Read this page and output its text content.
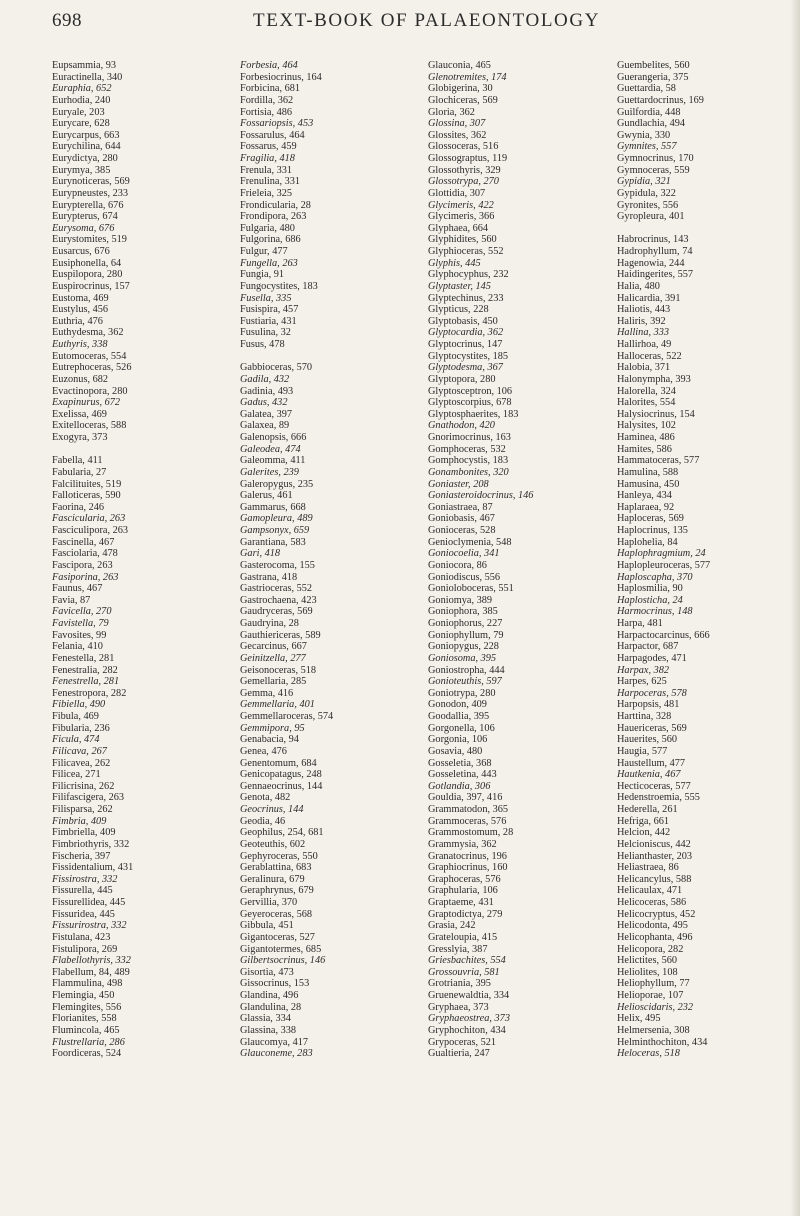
698	TEXT-BOOK OF PALAEONTOLOGY
Eupsammia, 93
Euractinella, 340
Euraphia, 652
Eurhodia, 240
Euryale, 203
Eurycare, 628
Eurycarpus, 663
Eurychilina, 644
Eurydictya, 280
Eurymya, 385
Eurynoticeras, 569
Eurypneustes, 233
Eurypterella, 676
Eurypterus, 674
Eurysoma, 676
Eurystomites, 519
Eusarcus, 676
Eusiphonella, 64
Euspilopora, 280
Euspirocrinus, 157
Eustoma, 469
Eustylus, 456
Euthria, 476
Euthydesma, 362
Euthyris, 338
Eutomoceras, 554
Eutrephoceras, 526
Euzonus, 682
Evactinopora, 280
Exapinurus, 672
Exelissa, 469
Exitelloceras, 588
Exogyra, 373
Fabella, 411
Fabularia, 27
Falcilituites, 519
Falloticeras, 590
Faorina, 246
Fascicularia, 263
Fasciculipora, 263
Fascinella, 467
Fasciolaria, 478
Fascipora, 263
Fasiporina, 263
Faunus, 467
Favia, 87
Favicella, 270
Favistella, 79
Favosites, 99
Felania, 410
Fenestella, 281
Fenestralia, 282
Fenestrella, 281
Fenestropora, 282
Fibiella, 490
Fibula, 469
Fibularia, 236
Ficula, 474
Filicava, 267
Filicavea, 262
Filicea, 271
Filicrisina, 262
Filifascigera, 263
Filisparsa, 262
Fimbria, 409
Fimbriella, 409
Fimbriothyris, 332
Fischeria, 397
Fissidentalium, 431
Fissirostra, 332
Fissurella, 445
Fissurellidea, 445
Fissuridea, 445
Fissurirostra, 332
Fistulana, 423
Fistulipora, 269
Flabellothyris, 332
Flabellum, 84, 489
Flammulina, 498
Flemingia, 450
Flemingites, 556
Florianites, 558
Flumincola, 465
Flustrellaria, 286
Foordiceras, 524
Forbesia, 464
Forbesiocrinus, 164
Forbicina, 681
Fordilla, 362
Fortisia, 486
Fossariopsis, 453
Fossarulus, 464
Fossarus, 459
Fragilia, 418
Frenula, 331
Frenulina, 331
Frieleia, 325
Frondicularia, 28
Frondipora, 263
Fulgaria, 480
Fulgorina, 686
Fulgur, 477
Fungella, 263
Fungia, 91
Fungocystites, 183
Fusella, 335
Fusispira, 457
Fustiaria, 431
Fusulina, 32
Fusus, 478
Gabbioceras, 570
Gadila, 432
Gadinia, 493
Gadus, 432
Galatea, 397
Galaxea, 89
Galenopsis, 666
Galeodea, 474
Galeomma, 411
Galerites, 239
Galeropygus, 235
Galerus, 461
Gammarus, 668
Gamopleura, 489
Gampsonyx, 659
Garantiana, 583
Gari, 418
Gasterocoma, 155
Gastrana, 418
Gastrioceras, 552
Gastrochaena, 423
Gaudryceras, 569
Gaudryina, 28
Gauthiericeras, 589
Gecarcinus, 667
Geinitzella, 277
Geisonoceras, 518
Gemellaria, 285
Gemma, 416
Gemmellaria, 401
Gemmellaroceras, 574
Gemmipora, 95
Genabacia, 94
Genea, 476
Genentomum, 684
Genicopatagus, 248
Gennaeocrinus, 144
Genota, 482
Geocrinus, 144
Geodia, 46
Geophilus, 254, 681
Geoteuthis, 602
Gephyroceras, 550
Gerablattina, 683
Geralinura, 679
Geraphrynus, 679
Gervillia, 370
Geyeroceras, 568
Gibbula, 451
Gigantoceras, 527
Gigantotermes, 685
Gilbertsocrinus, 146
Gisortia, 473
Gissocrinus, 153
Glandina, 496
Glandulina, 28
Glassia, 334
Glassina, 338
Glaucomya, 417
Glauconeme, 283
Glauconia, 465
Glenotremites, 174
Globigerina, 30
Glochiceras, 569
Gloria, 362
Glossina, 307
Glossites, 362
Glossoceras, 516
Glossograptus, 119
Glossothyris, 329
Glossotrypa, 270
Glottidia, 307
Glycimeris, 422
Glycimeris, 366
Glyphaea, 664
Glyphidites, 560
Glyphioceras, 552
Glyphis, 445
Glyphocyphus, 232
Glyptaster, 145
Glyptechinus, 233
Glypticus, 228
Glyptobasis, 450
Glyptocardia, 362
Glyptocrinus, 147
Glyptocystites, 185
Glyptodesma, 367
Glyptopora, 280
Glyptosceptron, 106
Glyptoscorpius, 678
Glyptosphaerites, 183
Gnathodon, 420
Gnorimocrinus, 163
Gomphoceras, 532
Gomphocystis, 183
Gonambonites, 320
Goniaster, 208
Goniasteroidocrinus, 146
Goniastraea, 87
Goniobasis, 467
Gonioceras, 528
Genioclymenia, 548
Goniocoelia, 341
Goniocora, 86
Goniodiscus, 556
Gonioloboceras, 551
Goniomya, 389
Goniophora, 385
Goniophorus, 227
Goniophyllum, 79
Goniopygus, 228
Goniosoma, 395
Goniostropha, 444
Gonioteuthis, 597
Goniotrypa, 280
Gonodon, 409
Goodallia, 395
Gorgonella, 106
Gorgonia, 106
Gosavia, 480
Gosseletia, 368
Gosseletina, 443
Gotlandia, 306
Gouldia, 397, 416
Grammatodon, 365
Grammoceras, 576
Grammostomum, 28
Grammysia, 362
Granatocrinus, 196
Graphiocrinus, 160
Graphoceras, 576
Graphularia, 106
Graptaeme, 431
Graptodictya, 279
Grasia, 242
Grateloupia, 415
Gresslyia, 387
Griesbachites, 554
Grossouvria, 581
Grotriania, 395
Gruenewaldtia, 334
Gryphaea, 373
Gryphaeostrea, 373
Gryphochiton, 434
Grypoceras, 521
Gualtieria, 247
Guembelites, 560
Guerangeria, 375
Guettardia, 58
Guettardocrinus, 169
Guilfordia, 448
Gundlachia, 494
Gwynia, 330
Gymnites, 557
Gymnocrinus, 170
Gymnoceras, 559
Gypidia, 321
Gypidula, 322
Gyronites, 556
Gyropleura, 401
Habrocrinus, 143
Hadrophyllum, 74
Hagenowia, 244
Haidingerites, 557
Halia, 480
Halicardia, 391
Haliotis, 443
Haliris, 392
Hallina, 333
Hallirhoa, 49
Halloceras, 522
Halobia, 371
Halonympha, 393
Halorella, 324
Halorites, 554
Halysiocrinus, 154
Halysites, 102
Haminea, 486
Hamites, 586
Hammatoceras, 577
Hamulina, 588
Hamusina, 450
Hanleya, 434
Haplaraea, 92
Haploceras, 569
Haplocrinus, 135
Haplohelia, 84
Haplophragmium, 24
Haplopleuroceras, 577
Haploscapha, 370
Haplosmilia, 90
Haplosticha, 24
Harmocrinus, 148
Harpa, 481
Harpactocarcinus, 666
Harpactor, 687
Harpagodes, 471
Harpax, 382
Harpes, 625
Harpoceras, 578
Harpopsis, 481
Harttina, 328
Hauericeras, 569
Hauerites, 560
Haugia, 577
Haustellum, 477
Hautkenia, 467
Hecticoceras, 577
Hedenstroemia, 555
Hederella, 261
Hefriga, 661
Helcion, 442
Helcioniscus, 442
Helianthaster, 203
Heliastraea, 86
Helicancylus, 588
Helicaulax, 471
Helicoceras, 586
Helicocryptus, 452
Helicodonta, 495
Helicophanta, 496
Helicopora, 282
Helictites, 560
Heliolites, 108
Heliophyllum, 77
Helioporae, 107
Helioscidaris, 232
Helix, 495
Helmersenia, 308
Helminthochiton, 434
Heloceras, 518
